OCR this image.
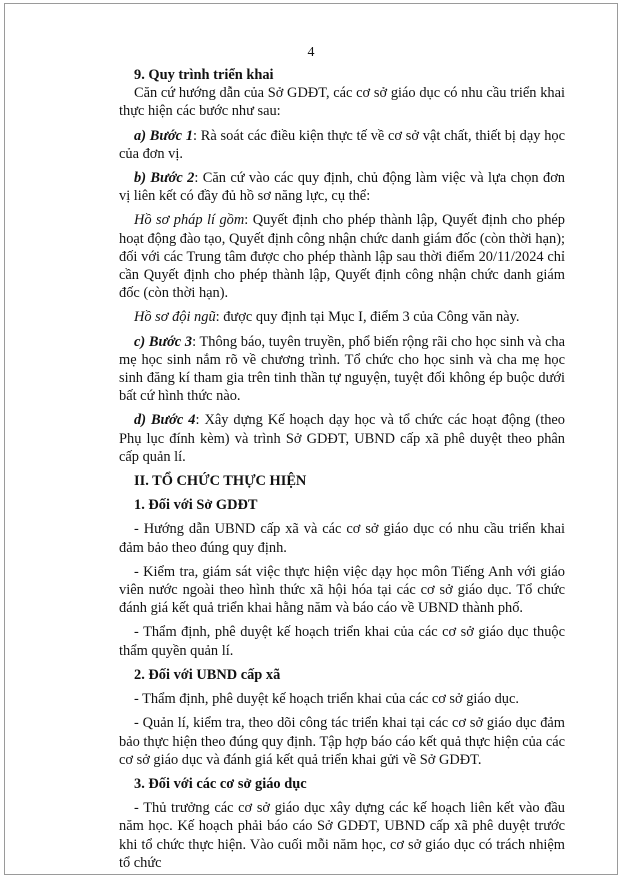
4

9. Quy trình triển khai

Căn cứ hướng dẫn của Sở GDĐT, các cơ sở giáo dục có nhu cầu triển khai thực hiện các bước như sau:

a) Bước 1: Rà soát các điều kiện thực tế về cơ sở vật chất, thiết bị dạy học của đơn vị.

b) Bước 2: Căn cứ vào các quy định, chủ động làm việc và lựa chọn đơn vị liên kết có đầy đủ hồ sơ năng lực, cụ thể:

Hồ sơ pháp lí gồm: Quyết định cho phép thành lập, Quyết định cho phép hoạt động đào tạo, Quyết định công nhận chức danh giám đốc (còn thời hạn); đối với các Trung tâm được cho phép thành lập sau thời điểm 20/11/2024 chỉ cần Quyết định cho phép thành lập, Quyết định công nhận chức danh giám đốc (còn thời hạn).

Hồ sơ đội ngũ: được quy định tại Mục I, điểm 3 của Công văn này.

c) Bước 3: Thông báo, tuyên truyền, phổ biến rộng rãi cho học sinh và cha mẹ học sinh nắm rõ về chương trình. Tổ chức cho học sinh và cha mẹ học sinh đăng kí tham gia trên tinh thần tự nguyện, tuyệt đối không ép buộc dưới bất cứ hình thức nào.

d) Bước 4: Xây dựng Kế hoạch dạy học và tổ chức các hoạt động (theo Phụ lục đính kèm) và trình Sở GDĐT, UBND cấp xã phê duyệt theo phân cấp quản lí.

II. TỔ CHỨC THỰC HIỆN

1. Đối với Sở GDĐT

- Hướng dẫn UBND cấp xã và các cơ sở giáo dục có nhu cầu triển khai đảm bảo theo đúng quy định.

- Kiểm tra, giám sát việc thực hiện việc dạy học môn Tiếng Anh với giáo viên nước ngoài theo hình thức xã hội hóa tại các cơ sở giáo dục. Tổ chức đánh giá kết quả triển khai hằng năm và báo cáo về UBND thành phố.

- Thẩm định, phê duyệt kế hoạch triển khai của các cơ sở giáo dục thuộc thẩm quyền quản lí.

2. Đối với UBND cấp xã

- Thẩm định, phê duyệt kế hoạch triển khai của các cơ sở giáo dục.

- Quản lí, kiểm tra, theo dõi công tác triển khai tại các cơ sở giáo dục đảm bảo thực hiện theo đúng quy định. Tập hợp báo cáo kết quả thực hiện của các cơ sở giáo dục và đánh giá kết quả triển khai gửi về Sở GDĐT.

3. Đối với các cơ sở giáo dục

- Thủ trưởng các cơ sở giáo dục xây dựng các kế hoạch liên kết vào đầu năm học. Kế hoạch phải báo cáo Sở GDĐT, UBND cấp xã phê duyệt trước khi tổ chức thực hiện. Vào cuối mỗi năm học, cơ sở giáo dục có trách nhiệm tổ chức
